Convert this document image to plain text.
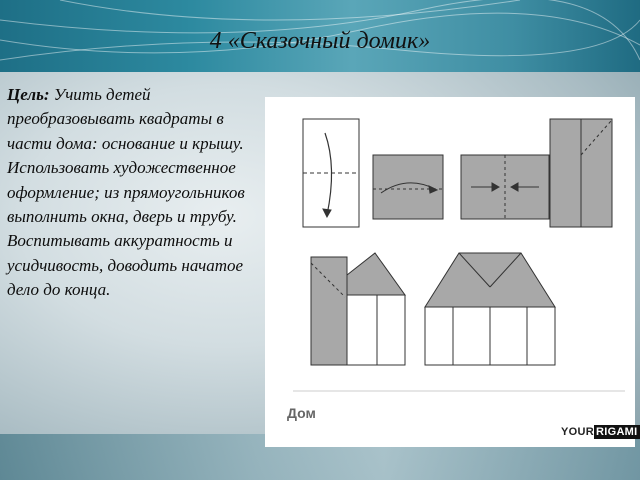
4 «Сказочный домик»
Цель: Учить детей преобразовывать квадраты в части дома: основание и крышу. Использовать художественное оформление; из прямоугольников выполнить окна, дверь и трубу. Воспитывать аккуратность и усидчивость, доводить начатое дело до конца.
Дом
YOUR RIGAMI
